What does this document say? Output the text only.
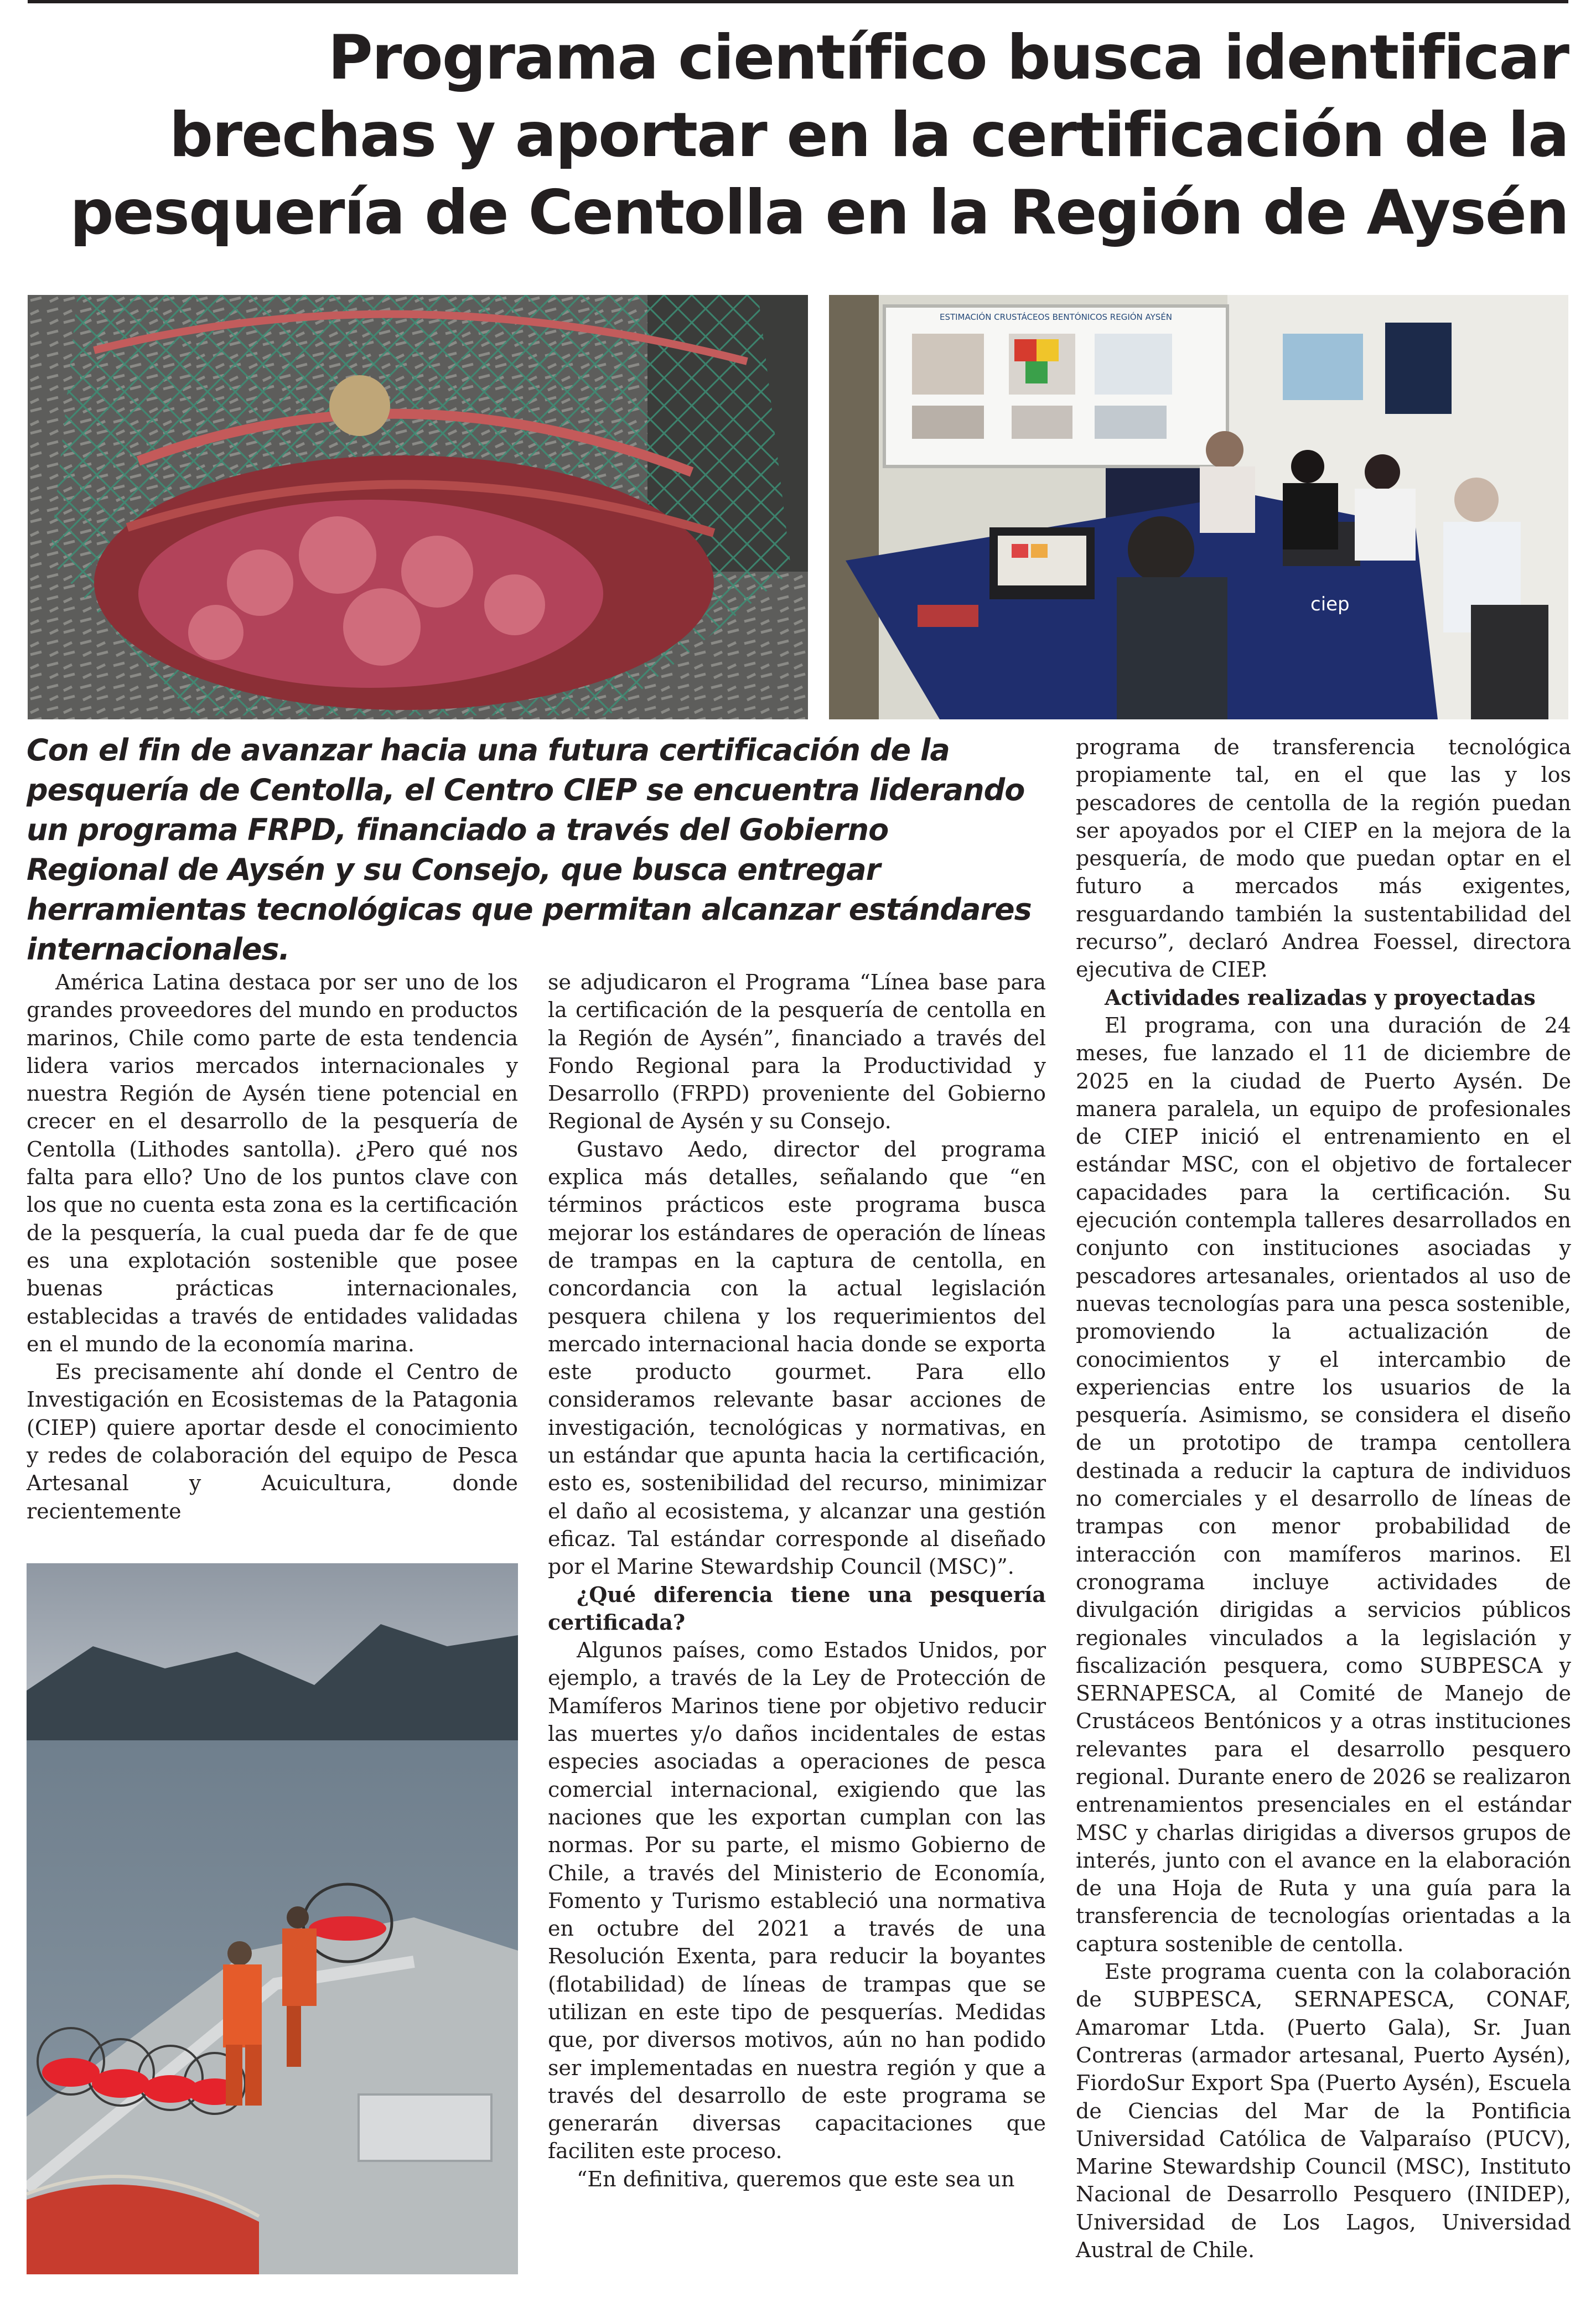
Programa científico busca identificar brechas y aportar en la certificación de la pesquería de Centolla en la Región de Aysén
ESTIMACIÓN CRUSTÁCEOS BENTÓNICOS REGIÓN AYSÉN
ciep

Con el fin de avanzar hacia una futura certificación de la pesquería de Centolla, el Centro CIEP se encuentra liderando un programa FRPD, financiado a través del Gobierno Regional de Aysén y su Consejo, que busca entregar herramientas tecnológicas que permitan alcanzar estándares internacionales.

América Latina destaca por ser uno de los grandes proveedores del mundo en productos marinos, Chile como parte de esta tendencia lidera varios mercados internacionales y nuestra Región de Aysén tiene potencial en crecer en el desarrollo de la pesquería de Centolla (Lithodes santolla). ¿Pero qué nos falta para ello? Uno de los puntos clave con los que no cuenta esta zona es la certificación de la pesquería, la cual pueda dar fe de que es una explotación sostenible que posee buenas prácticas internacionales, establecidas a través de entidades validadas en el mundo de la economía marina.

Es precisamente ahí donde el Centro de Investigación en Ecosistemas de la Patagonia (CIEP) quiere aportar desde el conocimiento y redes de colaboración del equipo de Pesca Artesanal y Acuicultura, donde recientemente

se adjudicaron el Programa “Línea base para la certificación de la pesquería de centolla en la Región de Aysén”, financiado a través del Fondo Regional para la Productividad y Desarrollo (FRPD) proveniente del Gobierno Regional de Aysén y su Consejo.

Gustavo Aedo, director del programa explica más detalles, señalando que “en términos prácticos este programa busca mejorar los estándares de operación de líneas de trampas en la captura de centolla, en concordancia con la actual legislación pesquera chilena y los requerimientos del mercado internacional hacia donde se exporta este producto gourmet. Para ello consideramos relevante basar acciones de investigación, tecnológicas y normativas, en un estándar que apunta hacia la certificación, esto es, sostenibilidad del recurso, minimizar el daño al ecosistema, y alcanzar una gestión eficaz. Tal estándar corresponde al diseñado por el Marine Stewardship Council (MSC)”.

¿Qué diferencia tiene una pesquería certificada?

Algunos países, como Estados Unidos, por ejemplo, a través de la Ley de Protección de Mamíferos Marinos tiene por objetivo reducir las muertes y/o daños incidentales de estas especies asociadas a operaciones de pesca comercial internacional, exigiendo que las naciones que les exportan cumplan con las normas. Por su parte, el mismo Gobierno de Chile, a través del Ministerio de Economía, Fomento y Turismo estableció una normativa en octubre del 2021 a través de una Resolución Exenta, para reducir la boyantes (flotabilidad) de líneas de trampas que se utilizan en este tipo de pesquerías. Medidas que, por diversos motivos, aún no han podido ser implementadas en nuestra región y que a través del desarrollo de este programa se generarán diversas capacitaciones que faciliten este proceso.

“En definitiva, queremos que este sea un

programa de transferencia tecnológica propiamente tal, en el que las y los pescadores de centolla de la región puedan ser apoyados por el CIEP en la mejora de la pesquería, de modo que puedan optar en el futuro a mercados más exigentes, resguardando también la sustentabilidad del recurso”, declaró Andrea Foessel, directora ejecutiva de CIEP.

Actividades realizadas y proyectadas

El programa, con una duración de 24 meses, fue lanzado el 11 de diciembre de 2025 en la ciudad de Puerto Aysén. De manera paralela, un equipo de profesionales de CIEP inició el entrenamiento en el estándar MSC, con el objetivo de fortalecer capacidades para la certificación. Su ejecución contempla talleres desarrollados en conjunto con instituciones asociadas y pescadores artesanales, orientados al uso de nuevas tecnologías para una pesca sostenible, promoviendo la actualización de conocimientos y el intercambio de experiencias entre los usuarios de la pesquería. Asimismo, se considera el diseño de un prototipo de trampa centollera destinada a reducir la captura de individuos no comerciales y el desarrollo de líneas de trampas con menor probabilidad de interacción con mamíferos marinos. El cronograma incluye actividades de divulgación dirigidas a servicios públicos regionales vinculados a la legislación y fiscalización pesquera, como SUBPESCA y SERNAPESCA, al Comité de Manejo de Crustáceos Bentónicos y a otras instituciones relevantes para el desarrollo pesquero regional. Durante enero de 2026 se realizaron entrenamientos presenciales en el estándar MSC y charlas dirigidas a diversos grupos de interés, junto con el avance en la elaboración de una Hoja de Ruta y una guía para la transferencia de tecnologías orientadas a la captura sostenible de centolla.

Este programa cuenta con la colaboración de SUBPESCA, SERNAPESCA, CONAF, Amaromar Ltda. (Puerto Gala), Sr. Juan Contreras (armador artesanal, Puerto Aysén), FiordoSur Export Spa (Puerto Aysén), Escuela de Ciencias del Mar de la Pontificia Universidad Católica de Valparaíso (PUCV), Marine Stewardship Council (MSC), Instituto Nacional de Desarrollo Pesquero (INIDEP), Universidad de Los Lagos, Universidad Austral de Chile.
